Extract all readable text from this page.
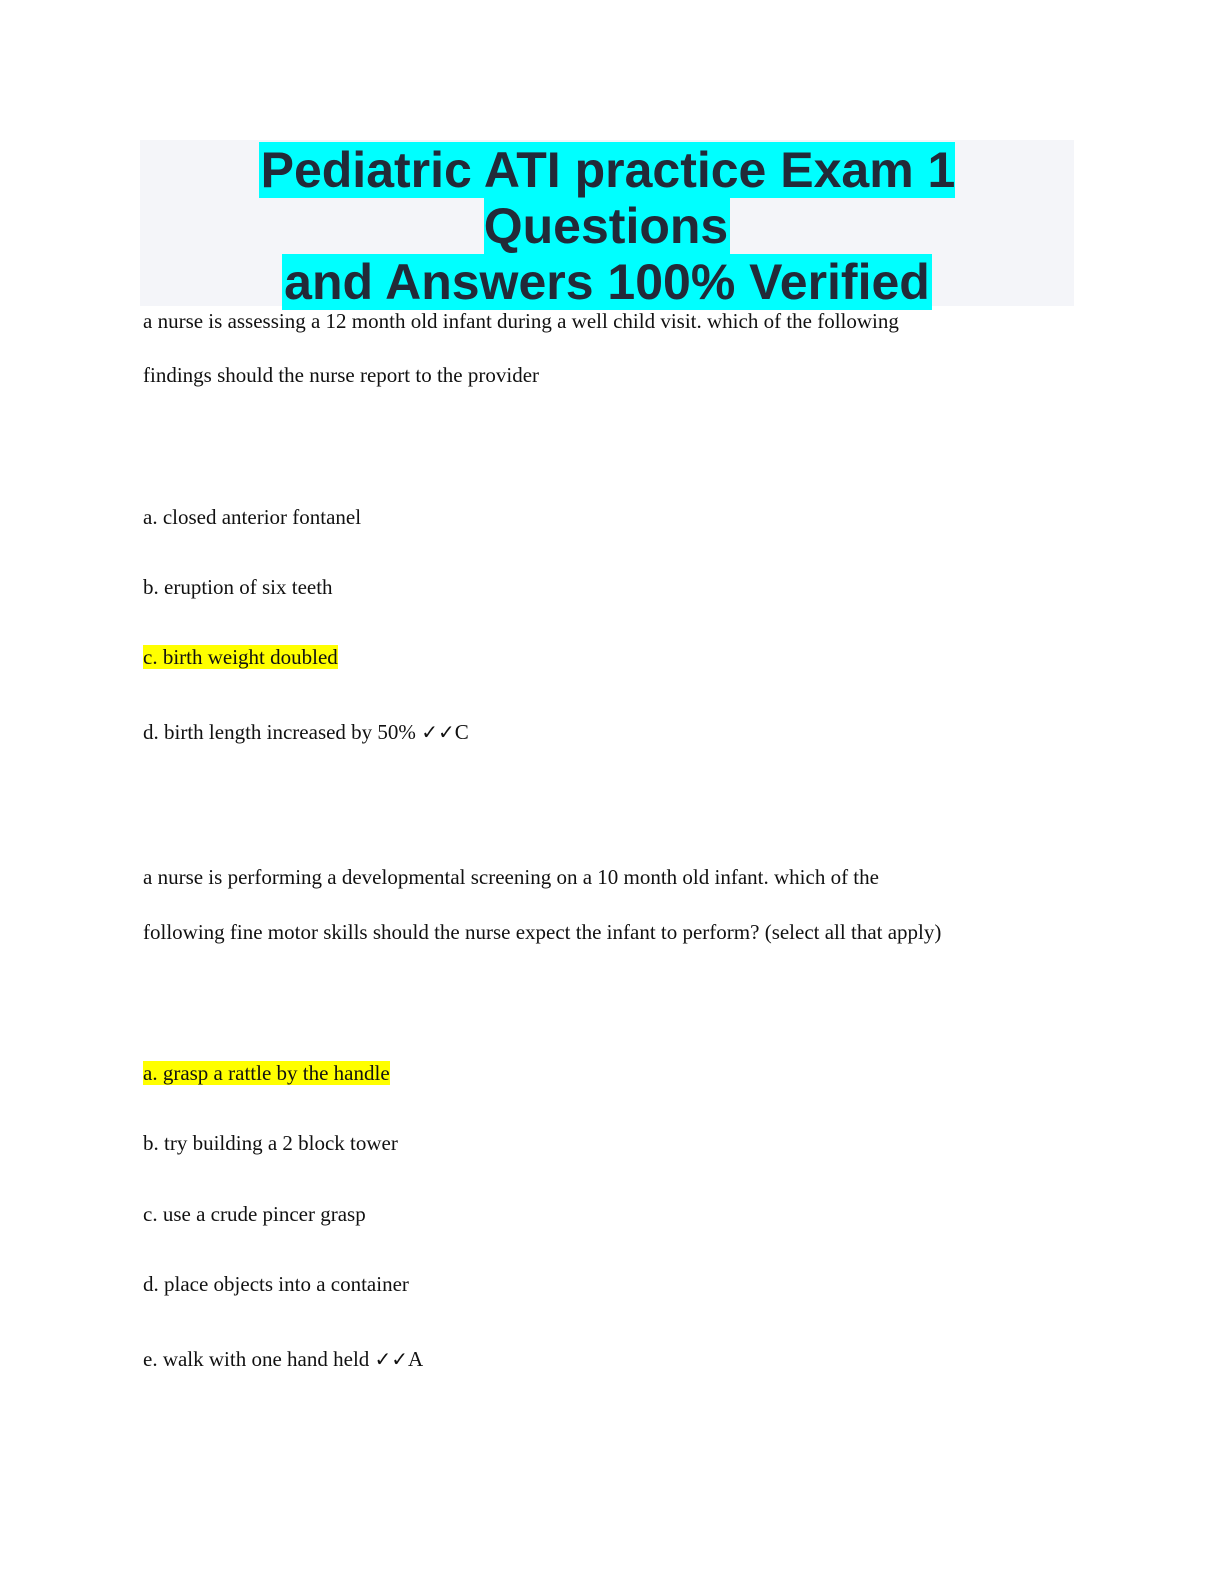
Pediatric ATI practice Exam 1 Questions
and Answers 100% Verified
a nurse is assessing a 12 month old infant during a well child visit. which of the following
findings should the nurse report to the provider
a. closed anterior fontanel
b. eruption of six teeth
c. birth weight doubled
d. birth length increased by 50% ✓✓C
a nurse is performing a developmental screening on a 10 month old infant. which of the
following fine motor skills should the nurse expect the infant to perform? (select all that apply)
a. grasp a rattle by the handle
b. try building a 2 block tower
c. use a crude pincer grasp
d. place objects into a container
e. walk with one hand held ✓✓A
